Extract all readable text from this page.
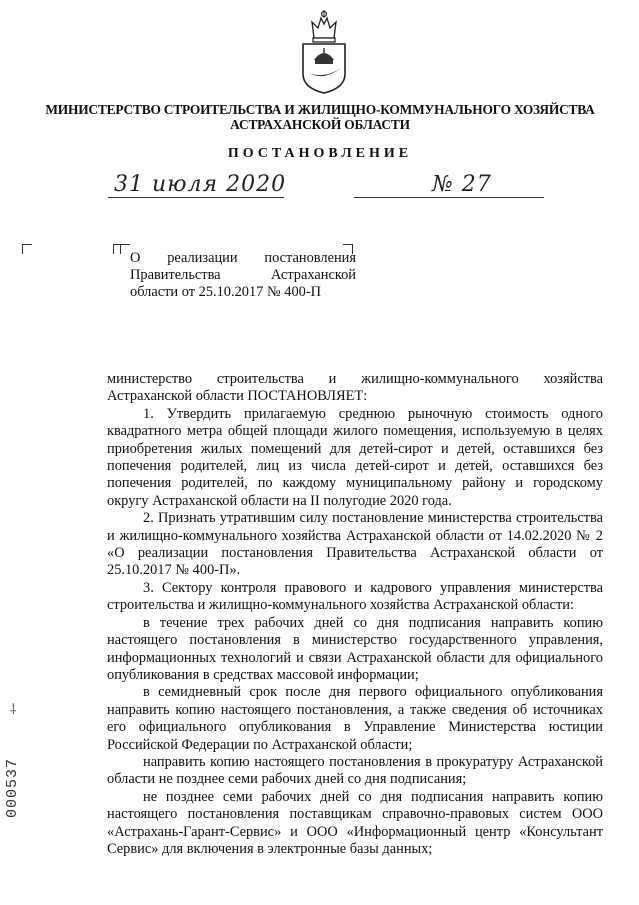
МИНИСТЕРСТВО СТРОИТЕЛЬСТВА И ЖИЛИЩНО-КОММУНАЛЬНОГО ХОЗЯЙСТВА
АСТРАХАНСКОЙ ОБЛАСТИ
ПОСТАНОВЛЕНИЕ
31 июля 2020	№ 27
О реализации постановления
Правительства Астраханской
области от 25.10.2017 № 400-П

министерство строительства и жилищно-коммунального хозяйства Астраханской области ПОСТАНОВЛЯЕТ:

1. Утвердить прилагаемую среднюю рыночную стоимость одного квадратного метра общей площади жилого помещения, используемую в целях приобретения жилых помещений для детей-сирот и детей, оставшихся без попечения родителей, лиц из числа детей-сирот и детей, оставшихся без попечения родителей, по каждому муниципальному району и городскому округу Астраханской области на II полугодие 2020 года.

2. Признать утратившим силу постановление министерства строительства и жилищно-коммунального хозяйства Астраханской области от 14.02.2020 № 2 «О реализации постановления Правительства Астраханской области от 25.10.2017 № 400-П».

3. Сектору контроля правового и кадрового управления министерства строительства и жилищно-коммунального хозяйства Астраханской области:

в течение трех рабочих дней со дня подписания направить копию настоящего постановления в министерство государственного управления, информационных технологий и связи Астраханской области для официального опубликования в средствах массовой информации;

в семидневный срок после дня первого официального опубликования направить копию настоящего постановления, а также сведения об источниках его официального опубликования в Управление Министерства юстиции Российской Федерации по Астраханской области;

направить копию настоящего постановления в прокуратуру Астраханской области не позднее семи рабочих дней со дня подписания;

не позднее семи рабочих дней со дня подписания направить копию настоящего постановления поставщикам справочно-правовых систем ООО «Астрахань-Гарант-Сервис» и ООО «Информационный центр «Консультант Сервис» для включения в электронные базы данных;

⸸
000537
